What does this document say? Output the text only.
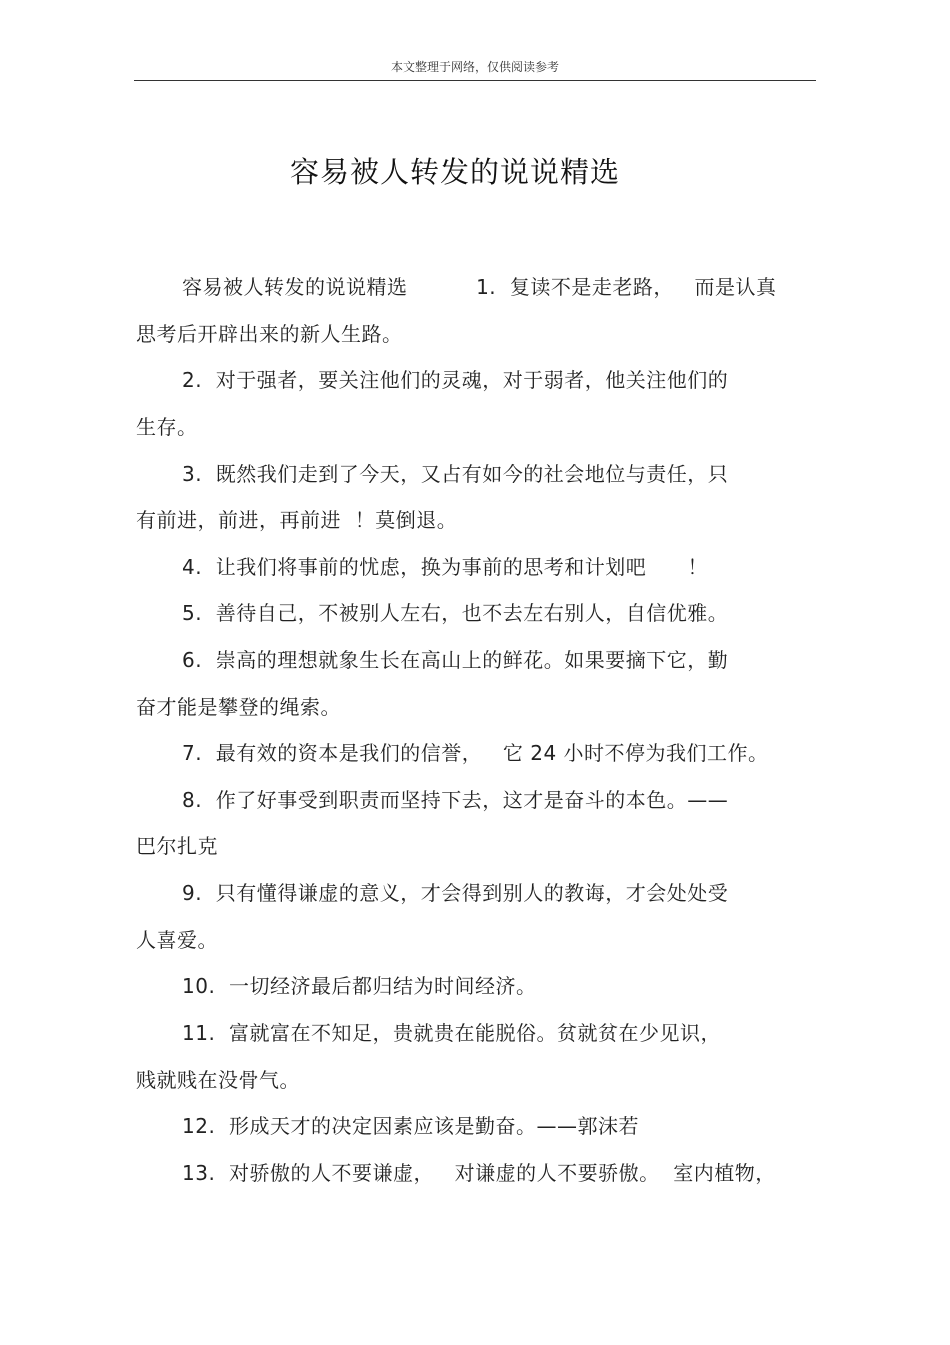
本文整理于网络，仅供阅读参考
容易被人转发的说说精选
容易被人转发的说说精选          1.  复读不是走老路，   而是认真
思考后开辟出来的新人生路。
2.  对于强者，要关注他们的灵魂，对于弱者，他关注他们的
生存。
3.  既然我们走到了今天，又占有如今的社会地位与责任，只
有前进，前进，再前进  ！莫倒退。
4.  让我们将事前的忧虑，换为事前的思考和计划吧      ！
5.  善待自己，不被别人左右，也不去左右别人，自信优雅。
6.  崇高的理想就象生长在高山上的鲜花。如果要摘下它，勤
奋才能是攀登的绳索。
7.  最有效的资本是我们的信誉，   它 24 小时不停为我们工作。
8.  作了好事受到职责而坚持下去，这才是奋斗的本色。——
巴尔扎克
9.  只有懂得谦虚的意义，才会得到别人的教诲，才会处处受
人喜爱。
10.  一切经济最后都归结为时间经济。
11.  富就富在不知足，贵就贵在能脱俗。贫就贫在少见识，
贱就贱在没骨气。
12.  形成天才的决定因素应该是勤奋。——郭沫若
13.  对骄傲的人不要谦虚，   对谦虚的人不要骄傲。  室内植物，
